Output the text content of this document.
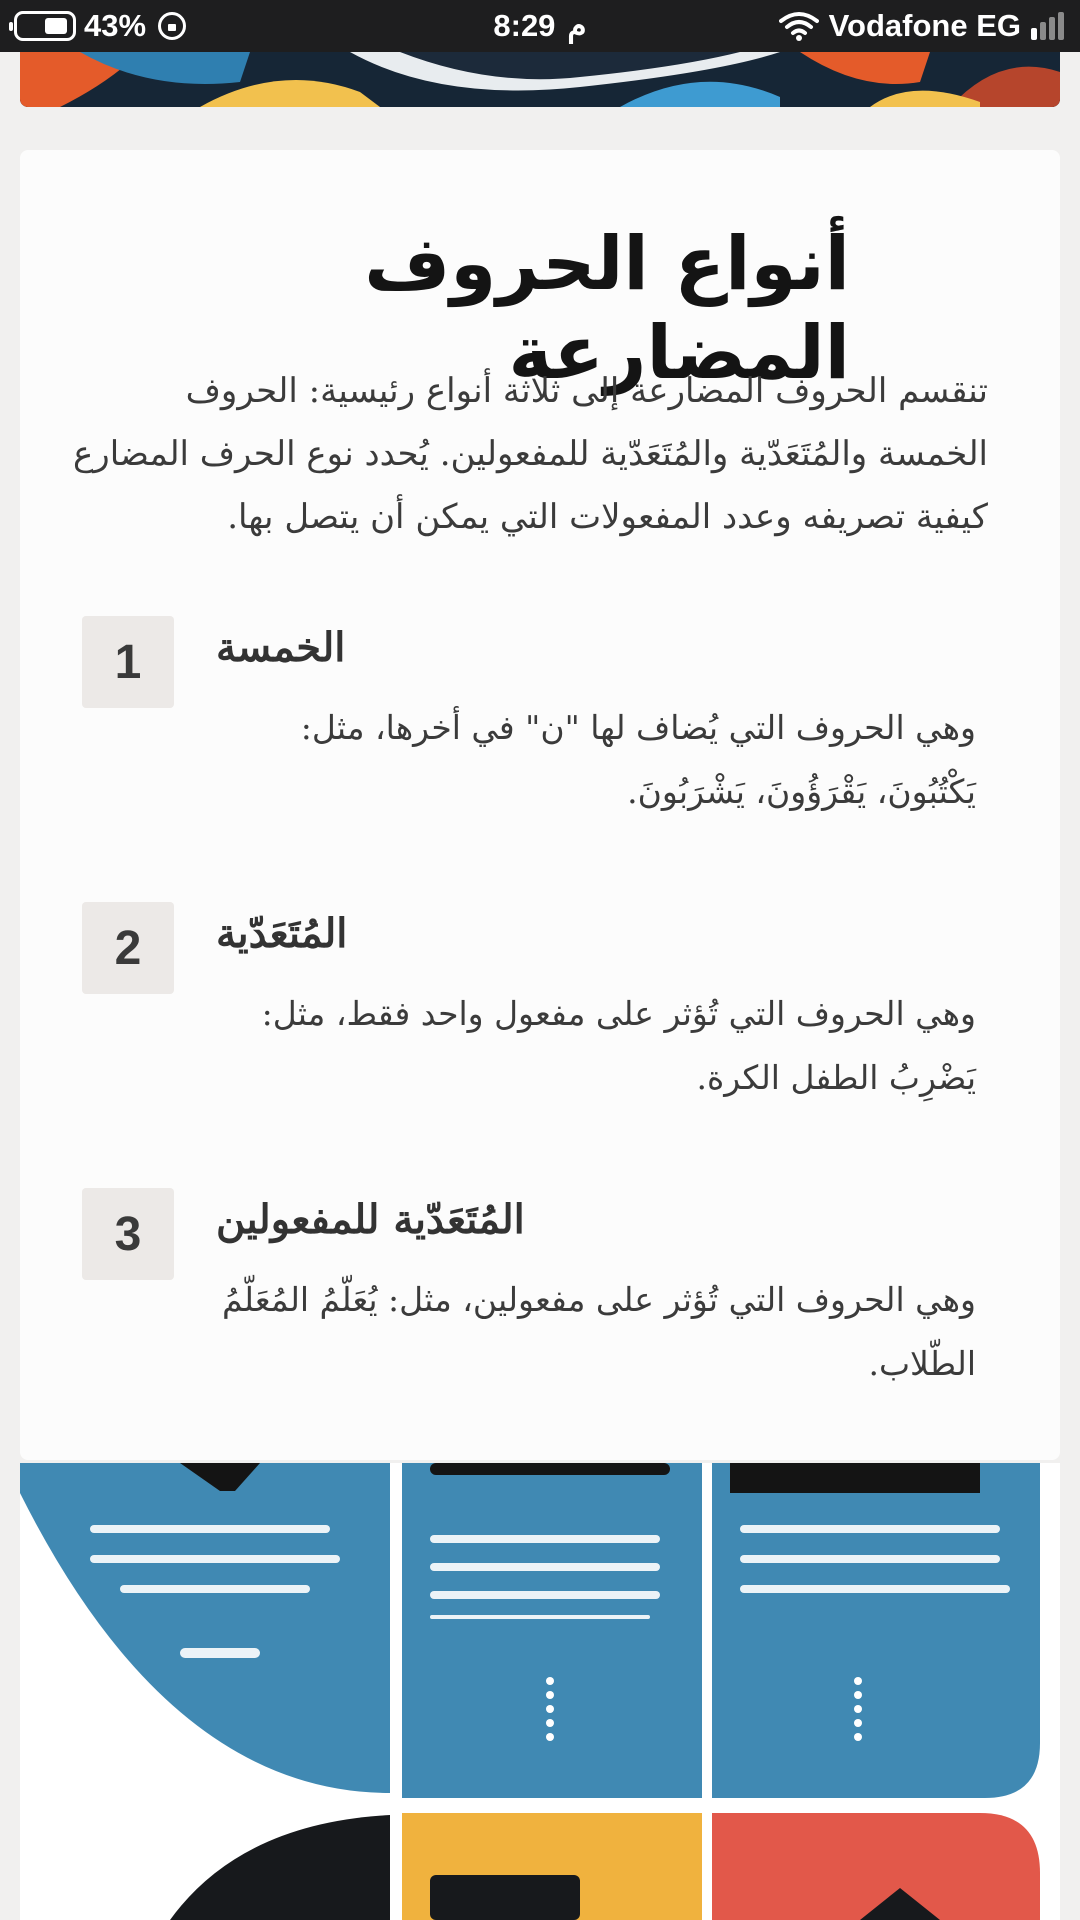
43%	م
8:29	Vodafone EG
أنواع الحروف المضارعة

تنقسم الحروف المضارعة إلى ثلاثة أنواع رئيسية: الحروف الخمسة والمُتَعَدّية والمُتَعَدّية للمفعولين. يُحدد نوع الحرف المضارع كيفية تصريفه وعدد المفعولات التي يمكن أن يتصل بها.

1	الخمسة

وهي الحروف التي يُضاف لها "ن" في أخرها، مثل: يَكْتُبُونَ، يَقْرَؤُونَ، يَشْرَبُونَ.

2	المُتَعَدّية

وهي الحروف التي تُؤثر على مفعول واحد فقط، مثل: يَضْرِبُ الطفل الكرة.

3	المُتَعَدّية للمفعولين

وهي الحروف التي تُؤثر على مفعولين، مثل: يُعَلّمُ المُعَلّمُ الطّلاب.
